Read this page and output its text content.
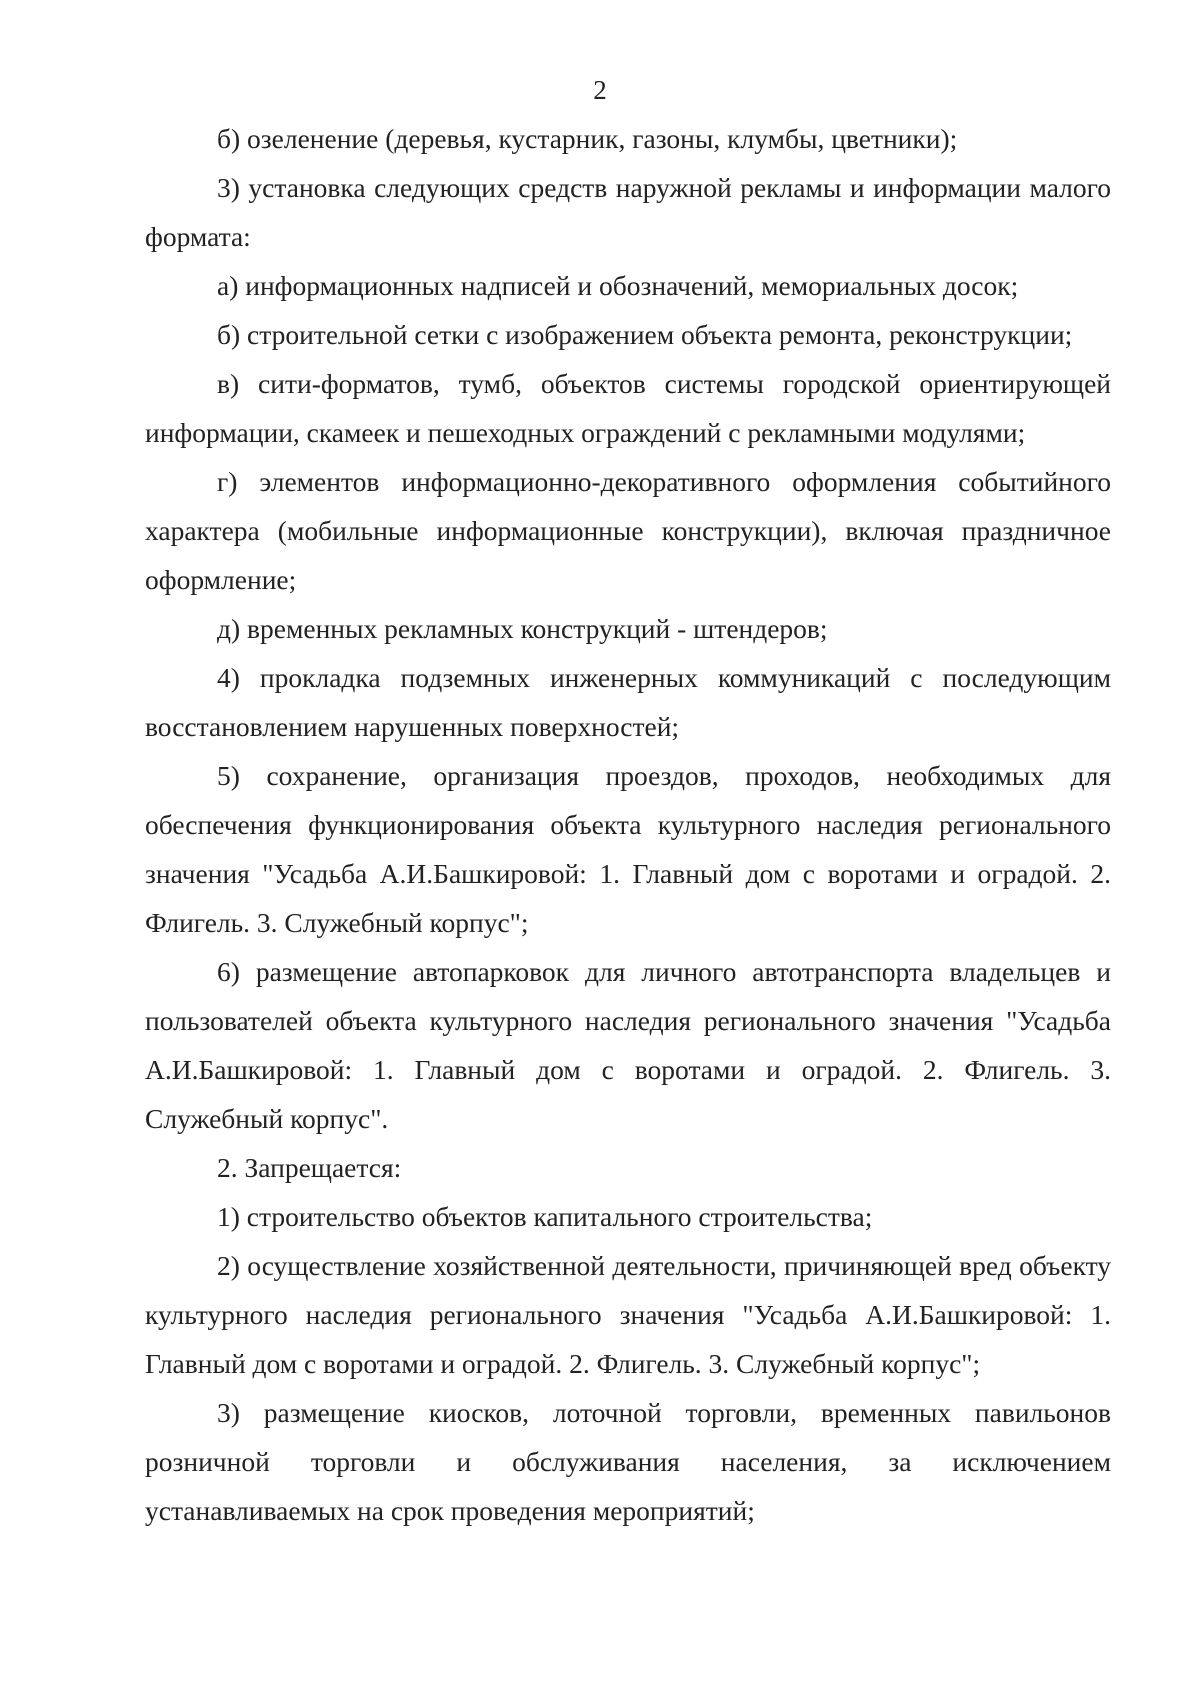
2

б) озеленение (деревья, кустарник, газоны, клумбы, цветники);

3) установка следующих средств наружной рекламы и информации малого формата:

а) информационных надписей и обозначений, мемориальных досок;

б) строительной сетки с изображением объекта ремонта, реконструкции;

в) сити-форматов, тумб, объектов системы городской ориентирующей информации, скамеек и пешеходных ограждений с рекламными модулями;

г) элементов информационно-декоративного оформления событийного характера (мобильные информационные конструкции), включая праздничное оформление;

д) временных рекламных конструкций - штендеров;

4) прокладка подземных инженерных коммуникаций с последующим восстановлением нарушенных поверхностей;

5) сохранение, организация проездов, проходов, необходимых для обеспечения функционирования объекта культурного наследия регионального значения "Усадьба А.И.Башкировой: 1. Главный дом с воротами и оградой. 2. Флигель. 3. Служебный корпус";

6) размещение автопарковок для личного автотранспорта владельцев и пользователей объекта культурного наследия регионального значения "Усадьба А.И.Башкировой: 1. Главный дом с воротами и оградой. 2. Флигель. 3. Служебный корпус".

2. Запрещается:

1) строительство объектов капитального строительства;

2) осуществление хозяйственной деятельности, причиняющей вред объекту культурного наследия регионального значения "Усадьба А.И.Башкировой: 1. Главный дом с воротами и оградой. 2. Флигель. 3. Служебный корпус";

3) размещение киосков, лоточной торговли, временных павильонов розничной торговли и обслуживания населения, за исключением устанавливаемых на срок проведения мероприятий;
